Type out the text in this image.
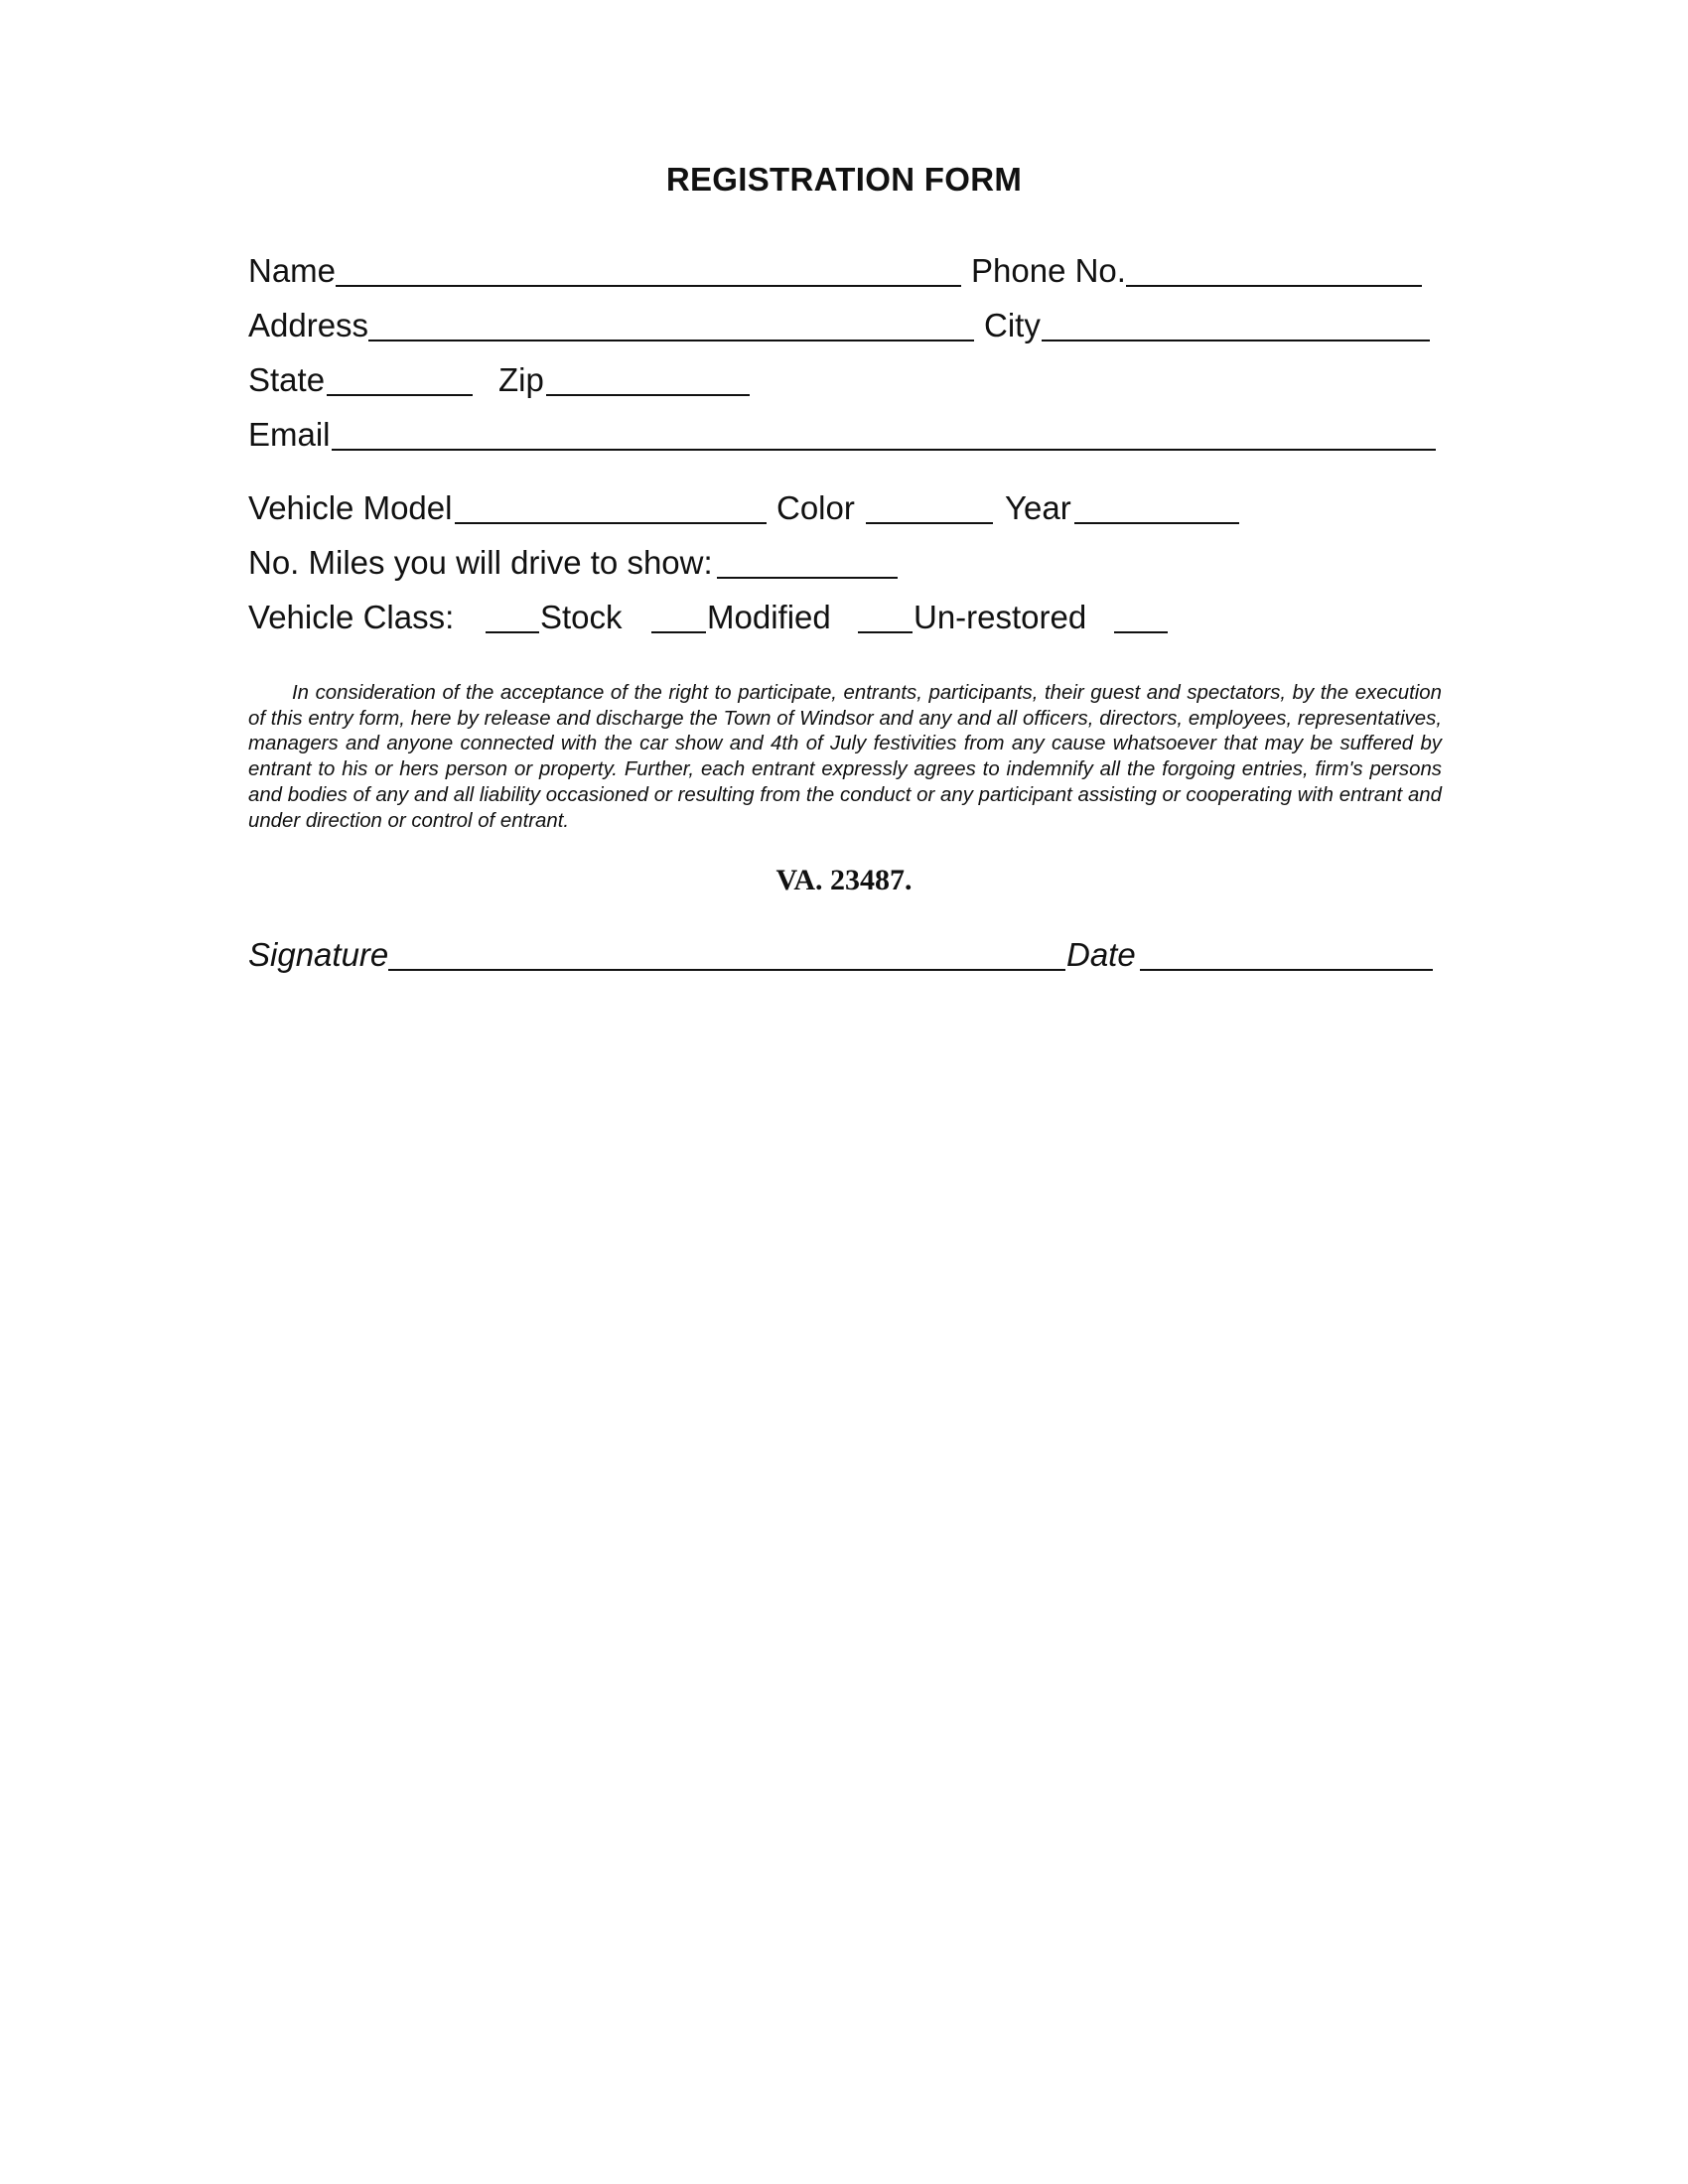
REGISTRATION FORM
Name	Phone No.
Address	City
State	Zip
Email
Vehicle Model	Color	Year
No. Miles you will drive to show:
Vehicle Class:	Stock	Modified	Un-restored

In consideration of the acceptance of the right to participate, entrants, participants, their guest and spectators, by the execution of this entry form, here by release and discharge the Town of Windsor and any and all officers, directors, employees, representatives, managers and anyone connected with the car show and 4th of July festivities from any cause whatsoever that may be suffered by entrant to his or hers person or property. Further, each entrant expressly agrees to indemnify all the forgoing entries, firm's persons and bodies of any and all liability occasioned or resulting from the conduct or any participant assisting or cooperating with entrant and under direction or control of entrant.

VA. 23487.
Signature	Date
